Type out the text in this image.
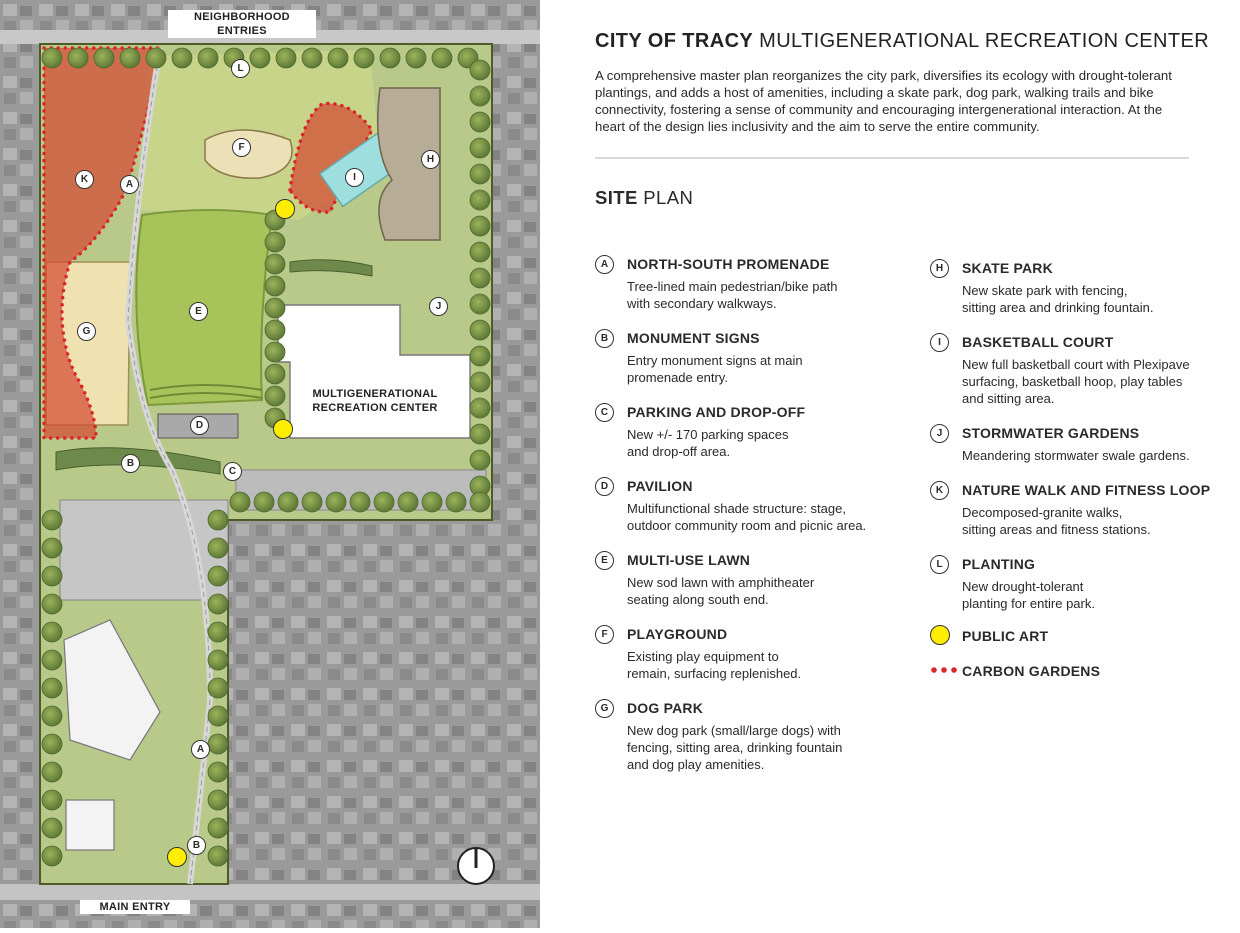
NEIGHBORHOOD
ENTRIES
MAIN ENTRY
MULTIGENERATIONAL
RECREATION CENTER
A
B
C
D
E
F
G
H
I
J
K
L
A
B
CITY OF TRACY MULTIGENERATIONAL RECREATION CENTER
A comprehensive master plan reorganizes the city park, diversifies its ecology with drought-tolerant plantings, and adds a host of amenities, including a skate park, dog park, walking trails and bike connectivity, fostering a sense of community and encouraging intergenerational interaction. At the heart of the design lies inclusivity and the aim to serve the entire community.
SITE PLAN
A	NORTH-SOUTH PROMENADE
Tree-lined main pedestrian/bike path
with secondary walkways.
B	MONUMENT SIGNS
Entry monument signs at main
promenade entry.
C	PARKING AND DROP-OFF
New +/- 170 parking spaces
and drop-off area.
D	PAVILION
Multifunctional shade structure: stage,
outdoor community room and picnic area.
E	MULTI-USE LAWN
New sod lawn with amphitheater
seating along south end.
F	PLAYGROUND
Existing play equipment to
remain, surfacing replenished.
G	DOG PARK
New dog park (small/large dogs) with
fencing, sitting area, drinking fountain
and dog play amenities.
H	SKATE PARK
New skate park with fencing,
sitting area and drinking fountain.
I	BASKETBALL COURT
New full basketball court with Plexipave
surfacing, basketball hoop, play tables
and sitting area.
J	STORMWATER GARDENS
Meandering stormwater swale gardens.
K	NATURE WALK AND FITNESS LOOP
Decomposed-granite walks,
sitting areas and fitness stations.
L	PLANTING
New drought-tolerant
planting for entire park.
PUBLIC ART
CARBON GARDENS
